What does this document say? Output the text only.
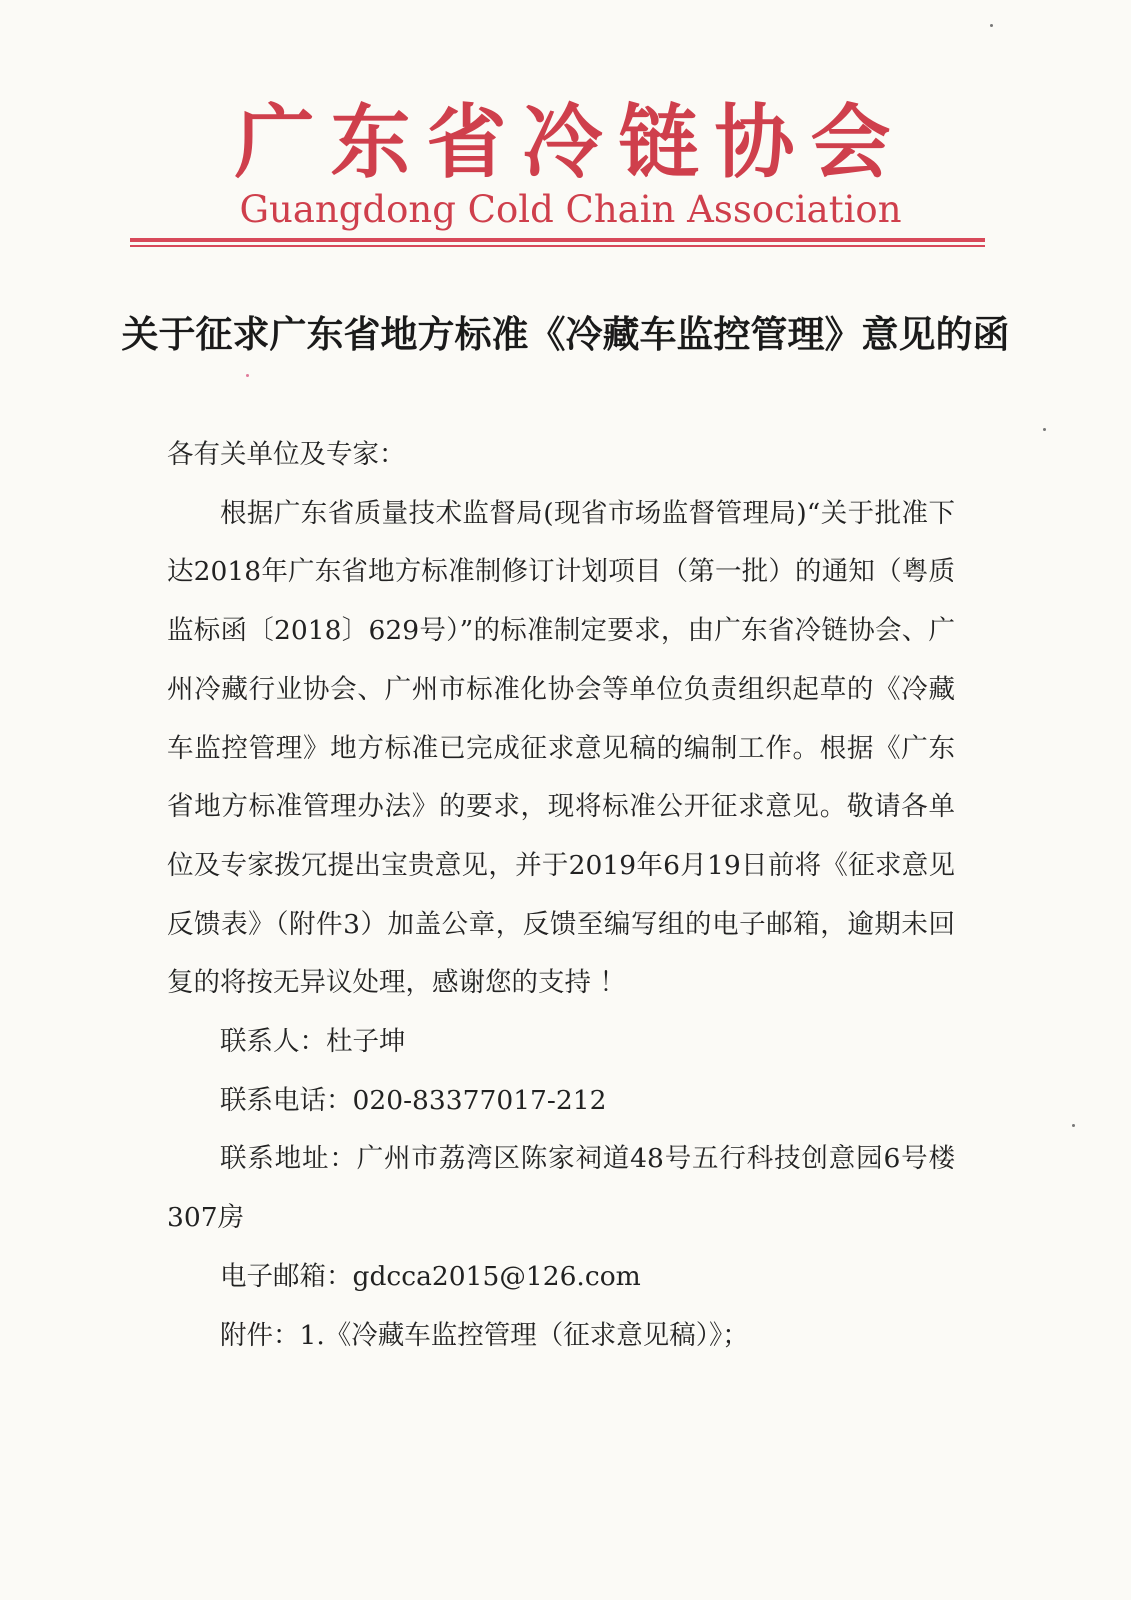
广东省冷链协会
Guangdong Cold Chain Association
关于征求广东省地方标准《冷藏车监控管理》意见的函

各有关单位及专家：

根据广东省质量技术监督局(现省市场监督管理局)“关于批准下达2018年广东省地方标准制修订计划项目（第一批）的通知（粤质监标函〔2018〕629号）”的标准制定要求，由广东省冷链协会、广州冷藏行业协会、广州市标准化协会等单位负责组织起草的《冷藏车监控管理》地方标准已完成征求意见稿的编制工作。根据《广东省地方标准管理办法》的要求，现将标准公开征求意见。敬请各单位及专家拨冗提出宝贵意见，并于2019年6月19日前将《征求意见反馈表》（附件3）加盖公章，反馈至编写组的电子邮箱，逾期未回复的将按无异议处理，感谢您的支持 ！

联系人：杜子坤

联系电话：020-83377017-212

联系地址：广州市荔湾区陈家祠道48号五行科技创意园6号楼307房

电子邮箱：gdcca2015@126.com

附件：1.《冷藏车监控管理（征求意见稿）》；
